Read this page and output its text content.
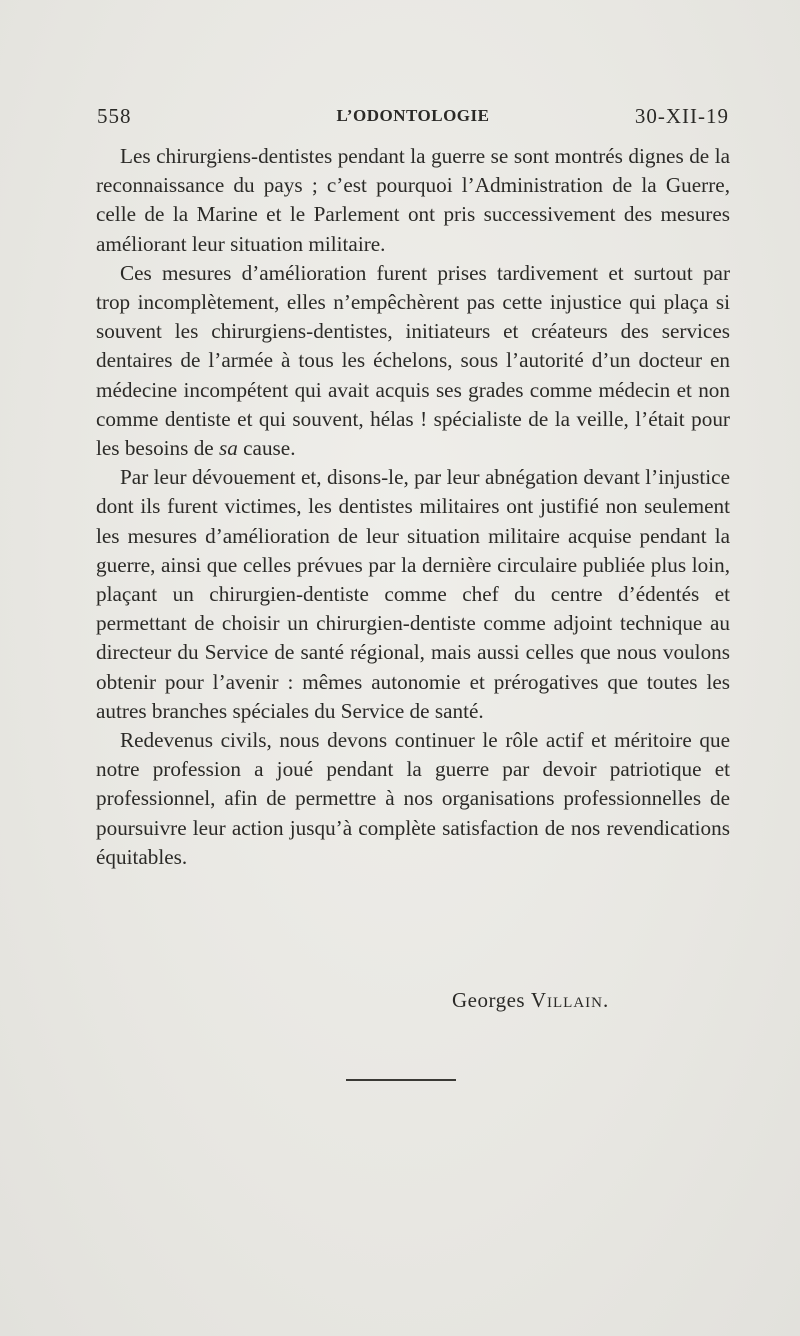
558	L’ODONTOLOGIE	30-XII-19

Les chirurgiens-dentistes pendant la guerre se sont montrés dignes de la reconnaissance du pays ; c’est pourquoi l’Administration de la Guerre, celle de la Marine et le Parlement ont pris successivement des mesures améliorant leur situation militaire.

Ces mesures d’amélioration furent prises tardivement et surtout par trop incomplètement, elles n’empêchèrent pas cette injustice qui plaça si souvent les chirurgiens-dentistes, initiateurs et créateurs des services dentaires de l’armée à tous les échelons, sous l’autorité d’un docteur en médecine incompétent qui avait acquis ses grades comme médecin et non comme dentiste et qui souvent, hélas ! spécialiste de la veille, l’était pour les besoins de sa cause.

Par leur dévouement et, disons-le, par leur abnégation devant l’injustice dont ils furent victimes, les dentistes militaires ont justifié non seulement les mesures d’amélioration de leur situation militaire acquise pendant la guerre, ainsi que celles prévues par la dernière circulaire publiée plus loin, plaçant un chirurgien-dentiste comme chef du centre d’édentés et permettant de choisir un chirurgien-dentiste comme adjoint technique au directeur du Service de santé régional, mais aussi celles que nous voulons obtenir pour l’avenir : mêmes autonomie et prérogatives que toutes les autres branches spéciales du Service de santé.

Redevenus civils, nous devons continuer le rôle actif et méritoire que notre profession a joué pendant la guerre par devoir patriotique et professionnel, afin de permettre à nos organisations professionnelles de poursuivre leur action jusqu’à complète satisfaction de nos revendications équitables.

Georges Villain.
